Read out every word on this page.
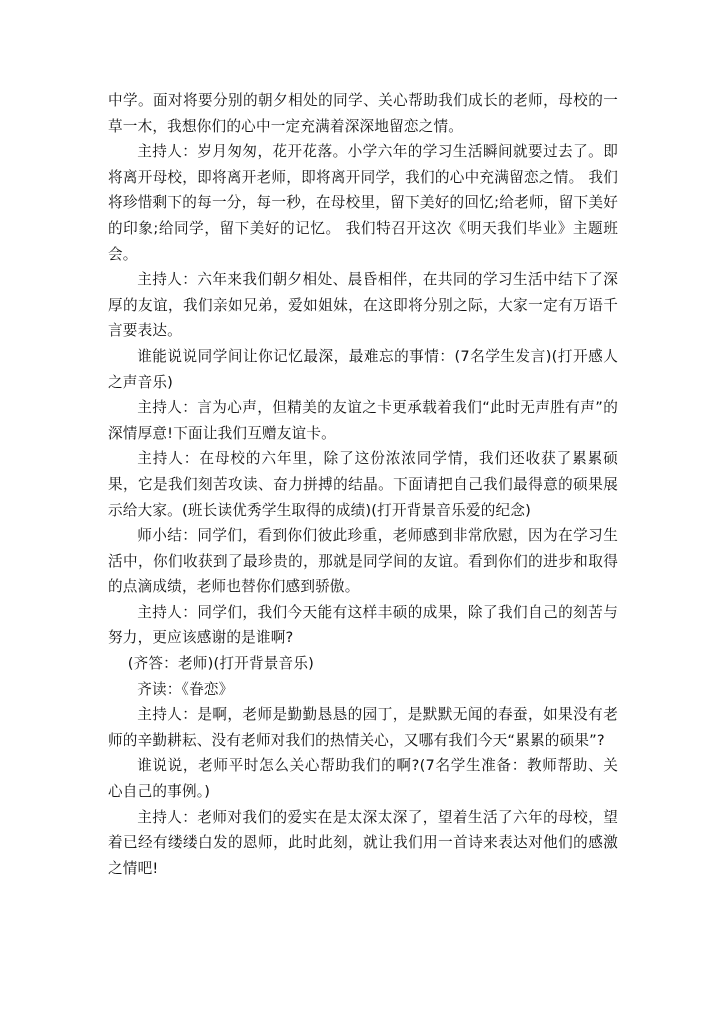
中学。面对将要分别的朝夕相处的同学、关心帮助我们成长的老师，母校的一草一木，我想你们的心中一定充满着深深地留恋之情。

主持人：岁月匆匆，花开花落。小学六年的学习生活瞬间就要过去了。即将离开母校，即将离开老师，即将离开同学，我们的心中充满留恋之情。 我们将珍惜剩下的每一分，每一秒，在母校里，留下美好的回忆;给老师，留下美好的印象;给同学，留下美好的记忆。 我们特召开这次《明天我们毕业》主题班会。

主持人：六年来我们朝夕相处、晨昏相伴，在共同的学习生活中结下了深厚的友谊，我们亲如兄弟，爱如姐妹，在这即将分别之际，大家一定有万语千言要表达。

谁能说说同学间让你记忆最深，最难忘的事情：(7名学生发言)(打开感人之声音乐)

主持人：言为心声，但精美的友谊之卡更承载着我们“此时无声胜有声”的深情厚意!下面让我们互赠友谊卡。

主持人：在母校的六年里，除了这份浓浓同学情，我们还收获了累累硕果，它是我们刻苦攻读、奋力拼搏的结晶。下面请把自己我们最得意的硕果展示给大家。(班长读优秀学生取得的成绩)(打开背景音乐爱的纪念)

师小结：同学们，看到你们彼此珍重，老师感到非常欣慰，因为在学习生活中，你们收获到了最珍贵的，那就是同学间的友谊。看到你们的进步和取得的点滴成绩，老师也替你们感到骄傲。

主持人：同学们，我们今天能有这样丰硕的成果，除了我们自己的刻苦与努力，更应该感谢的是谁啊?

(齐答：老师)(打开背景音乐)

齐读：《眷恋》

主持人：是啊，老师是勤勤恳恳的园丁，是默默无闻的春蚕，如果没有老师的辛勤耕耘、没有老师对我们的热情关心，又哪有我们今天“累累的硕果”?

谁说说，老师平时怎么关心帮助我们的啊?(7名学生准备：教师帮助、关心自己的事例。)

主持人：老师对我们的爱实在是太深太深了，望着生活了六年的母校，望着已经有缕缕白发的恩师，此时此刻，就让我们用一首诗来表达对他们的感激之情吧!
